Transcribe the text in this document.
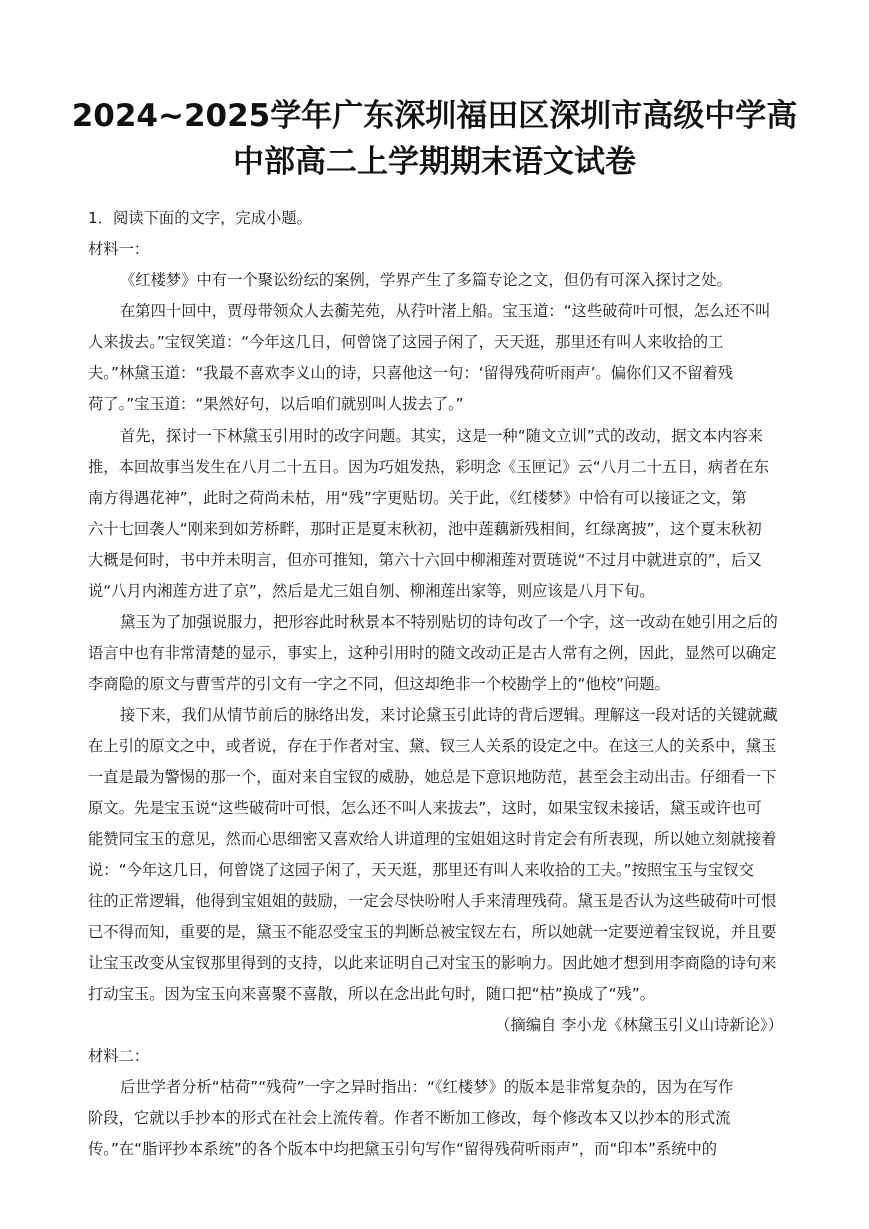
2024~2025学年广东深圳福田区深圳市高级中学高
中部高二上学期期末语文试卷
1．阅读下面的文字，完成小题。
材料一：
《红楼梦》中有一个聚讼纷纭的案例，学界产生了多篇专论之文，但仍有可深入探讨之处。
在第四十回中，贾母带领众人去蘅芜苑，从荇叶渚上船。宝玉道：“这些破荷叶可恨，怎么还不叫
人来拔去。”宝钗笑道：“今年这几日，何曾饶了这园子闲了，天天逛，那里还有叫人来收拾的工
夫。”林黛玉道：“我最不喜欢李义山的诗，只喜他这一句：‘留得残荷听雨声’。偏你们又不留着残
荷了。”宝玉道：“果然好句，以后咱们就别叫人拔去了。”
首先，探讨一下林黛玉引用时的改字问题。其实，这是一种“随文立训”式的改动，据文本内容来
推，本回故事当发生在八月二十五日。因为巧姐发热，彩明念《玉匣记》云“八月二十五日，病者在东
南方得遇花神”，此时之荷尚未枯，用“残”字更贴切。关于此，《红楼梦》中恰有可以接证之文，第
六十七回袭人“刚来到如芳桥畔，那时正是夏末秋初，池中莲藕新残相间，红绿离披”，这个夏末秋初
大概是何时，书中并未明言，但亦可推知，第六十六回中柳湘莲对贾琏说“不过月中就进京的”，后又
说“八月内湘莲方进了京”，然后是尤三姐自刎、柳湘莲出家等，则应该是八月下旬。
黛玉为了加强说服力，把形容此时秋景本不特别贴切的诗句改了一个字，这一改动在她引用之后的
语言中也有非常清楚的显示，事实上，这种引用时的随文改动正是古人常有之例，因此，显然可以确定
李商隐的原文与曹雪芹的引文有一字之不同，但这却绝非一个校勘学上的“他校”问题。
接下来，我们从情节前后的脉络出发，来讨论黛玉引此诗的背后逻辑。理解这一段对话的关键就藏
在上引的原文之中，或者说，存在于作者对宝、黛、钗三人关系的设定之中。在这三人的关系中，黛玉
一直是最为警惕的那一个，面对来自宝钗的威胁，她总是下意识地防范，甚至会主动出击。仔细看一下
原文。先是宝玉说“这些破荷叶可恨，怎么还不叫人来拔去”，这时，如果宝钗未接话，黛玉或许也可
能赞同宝玉的意见，然而心思细密又喜欢给人讲道理的宝姐姐这时肯定会有所表现，所以她立刻就接着
说：“今年这几日，何曾饶了这园子闲了，天天逛，那里还有叫人来收拾的工夫。”按照宝玉与宝钗交
往的正常逻辑，他得到宝姐姐的鼓励，一定会尽快吩咐人手来清理残荷。黛玉是否认为这些破荷叶可恨
已不得而知，重要的是，黛玉不能忍受宝玉的判断总被宝钗左右，所以她就一定要逆着宝钗说，并且要
让宝玉改变从宝钗那里得到的支持，以此来证明自己对宝玉的影响力。因此她才想到用李商隐的诗句来
打动宝玉。因为宝玉向来喜聚不喜散，所以在念出此句时，随口把“枯”换成了“残”。
（摘编自 李小龙《林黛玉引义山诗新论》）
材料二：
后世学者分析“枯荷”“残荷”一字之异时指出：“《红楼梦》的版本是非常复杂的，因为在写作
阶段，它就以手抄本的形式在社会上流传着。作者不断加工修改，每个修改本又以抄本的形式流
传。”在“脂评抄本系统”的各个版本中均把黛玉引句写作“留得残荷听雨声”，而“印本”系统中的
